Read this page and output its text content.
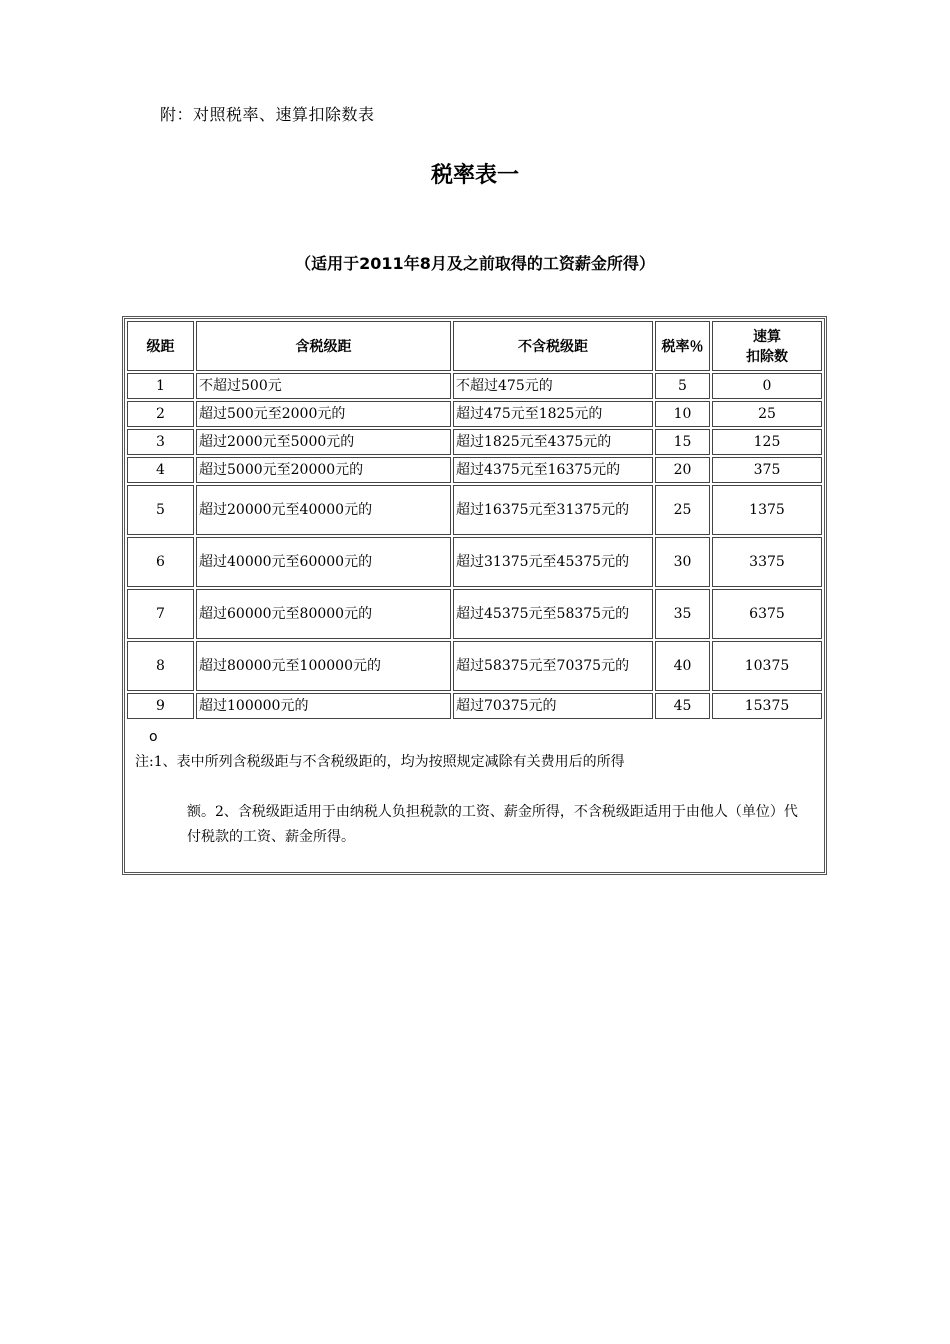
附：对照税率、速算扣除数表
税率表一
（适用于2011年8月及之前取得的工资薪金所得）
级距	含税级距	不含税级距	税率％	速算
扣除数

1	不超过500元	不超过475元的	5	0
2	超过500元至2000元的	超过475元至1825元的	10	25
3	超过2000元至5000元的	超过1825元至4375元的	15	125
4	超过5000元至20000元的	超过4375元至16375元的	20	375
5	超过20000元至40000元的	超过16375元至31375元的	25	1375
6	超过40000元至60000元的	超过31375元至45375元的	30	3375
7	超过60000元至80000元的	超过45375元至58375元的	35	6375
8	超过80000元至100000元的	超过58375元至70375元的	40	10375
9	超过100000元的	超过70375元的	45	15375

o
注:1、表中所列含税级距与不含税级距的，均为按照规定减除有关费用后的所得
额。2、含税级距适用于由纳税人负担税款的工资、薪金所得，不含税级距适用于由他人（单位）代付税款的工资、薪金所得。				
